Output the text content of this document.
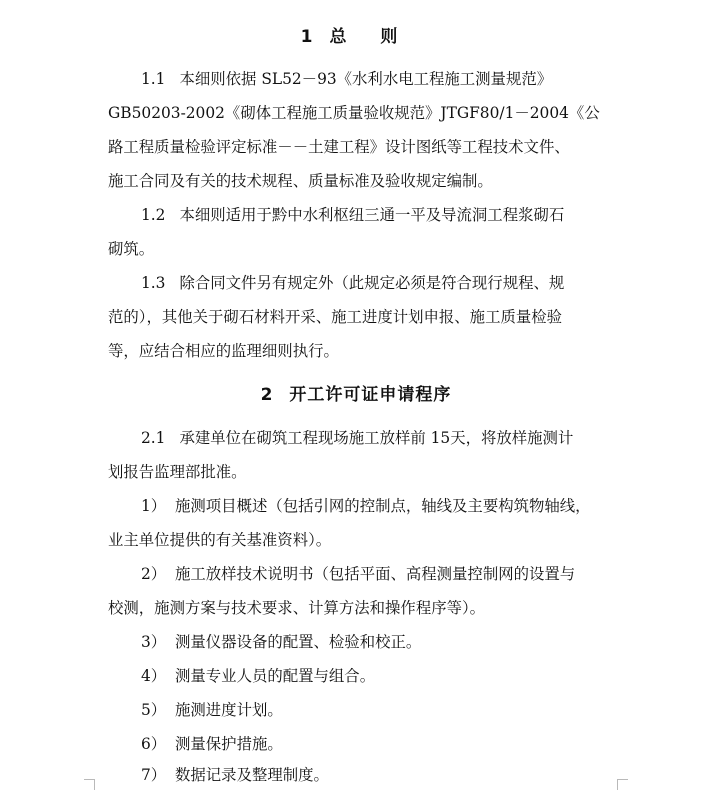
1 总 则
1.1 本细则依据 SL52－93《水利水电工程施工测量规范》
GB50203-2002《砌体工程施工质量验收规范》JTGF80/1－2004《公
路工程质量检验评定标准－－土建工程》设计图纸等工程技术文件、
施工合同及有关的技术规程、质量标准及验收规定编制。
1.2 本细则适用于黔中水利枢纽三通一平及导流洞工程浆砌石
砌筑。
1.3 除合同文件另有规定外（此规定必须是符合现行规程、规
范的），其他关于砌石材料开采、施工进度计划申报、施工质量检验
等，应结合相应的监理细则执行。
2 开工许可证申请程序
2.1 承建单位在砌筑工程现场施工放样前 15天，将放样施测计
划报告监理部批准。
1） 施测项目概述（包括引网的控制点，轴线及主要构筑物轴线，
业主单位提供的有关基准资料）。
2） 施工放样技术说明书（包括平面、高程测量控制网的设置与
校测，施测方案与技术要求、计算方法和操作程序等）。
3） 测量仪器设备的配置、检验和校正。
4） 测量专业人员的配置与组合。
5） 施测进度计划。
6） 测量保护措施。
7） 数据记录及整理制度。
